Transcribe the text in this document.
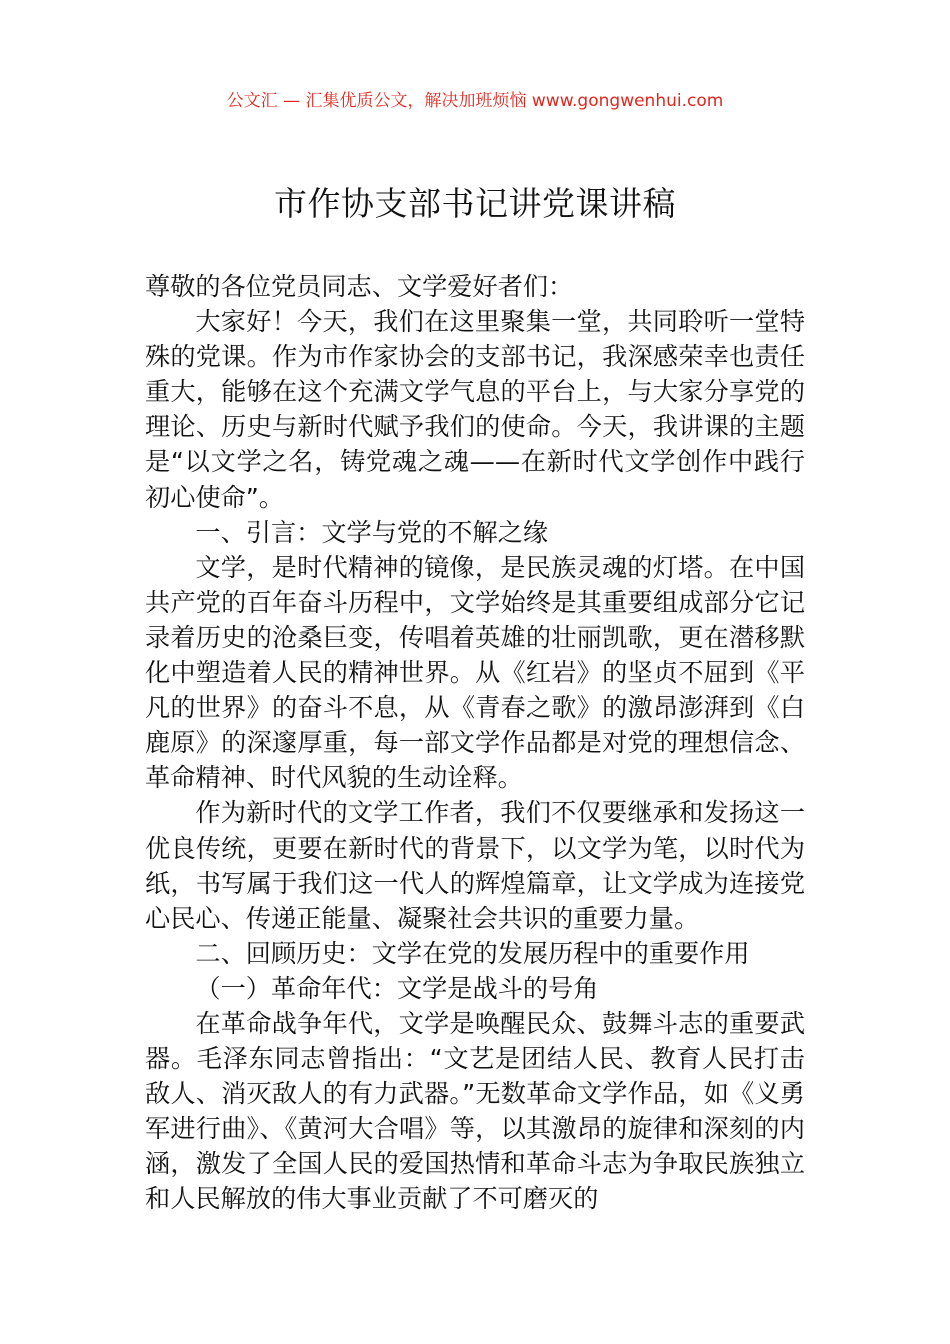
公文汇 — 汇集优质公文，解决加班烦恼 www.gongwenhui.com
市作协支部书记讲党课讲稿

尊敬的各位党员同志、文学爱好者们：

大家好！今天，我们在这里聚集一堂，共同聆听一堂特殊的党课。作为市作家协会的支部书记，我深感荣幸也责任重大，能够在这个充满文学气息的平台上，与大家分享党的理论、历史与新时代赋予我们的使命。今天，我讲课的主题是“以文学之名，铸党魂之魂——在新时代文学创作中践行初心使命”。

一、引言：文学与党的不解之缘

文学，是时代精神的镜像，是民族灵魂的灯塔。在中国共产党的百年奋斗历程中，文学始终是其重要组成部分它记录着历史的沧桑巨变，传唱着英雄的壮丽凯歌，更在潜移默化中塑造着人民的精神世界。从《红岩》的坚贞不屈到《平凡的世界》的奋斗不息，从《青春之歌》的激昂澎湃到《白鹿原》的深邃厚重，每一部文学作品都是对党的理想信念、革命精神、时代风貌的生动诠释。

作为新时代的文学工作者，我们不仅要继承和发扬这一优良传统，更要在新时代的背景下，以文学为笔，以时代为纸，书写属于我们这一代人的辉煌篇章，让文学成为连接党心民心、传递正能量、凝聚社会共识的重要力量。

二、回顾历史：文学在党的发展历程中的重要作用

（一）革命年代：文学是战斗的号角

在革命战争年代，文学是唤醒民众、鼓舞斗志的重要武器。毛泽东同志曾指出：“文艺是团结人民、教育人民打击敌人、消灭敌人的有力武器。”无数革命文学作品，如《义勇军进行曲》、《黄河大合唱》等，以其激昂的旋律和深刻的内涵，激发了全国人民的爱国热情和革命斗志为争取民族独立和人民解放的伟大事业贡献了不可磨灭的
